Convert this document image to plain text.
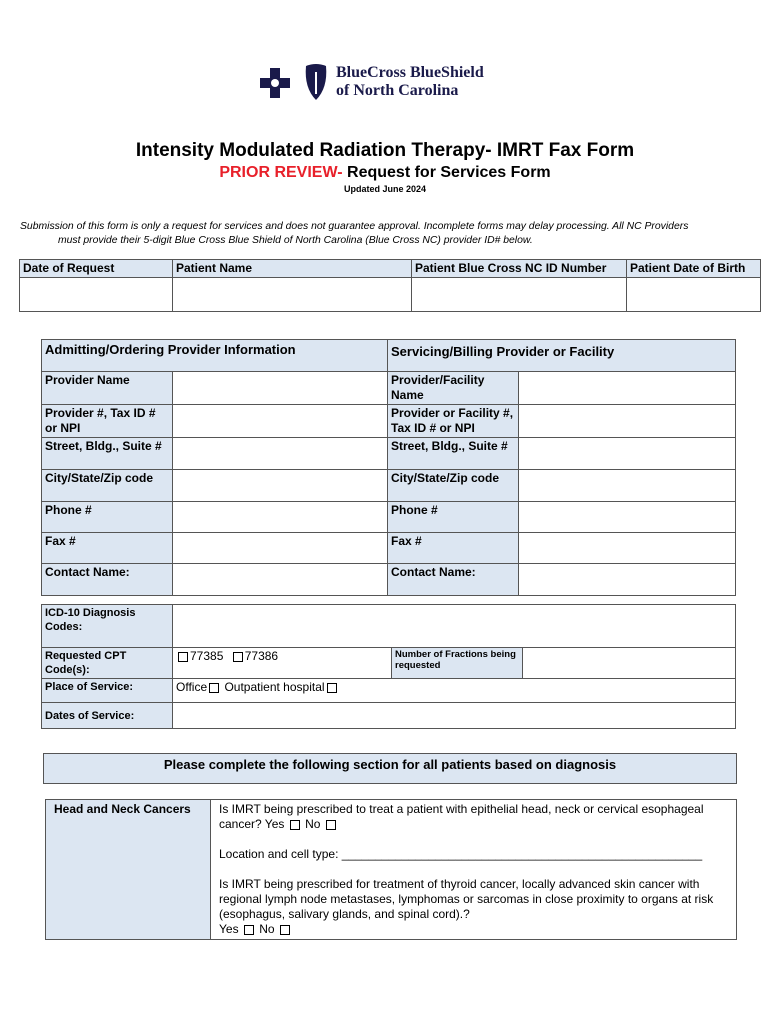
BlueCross BlueShield
of North Carolina
Intensity Modulated Radiation Therapy- IMRT Fax Form
PRIOR REVIEW- Request for Services Form
Updated June 2024
Submission of this form is only a request for services and does not guarantee approval. Incomplete forms may delay processing. All NC Providers
must provide their 5-digit Blue Cross Blue Shield of North Carolina (Blue Cross NC) provider ID# below.
Date of Request	Patient Name	Patient Blue Cross NC ID Number	Patient Date of Birth

Admitting/Ordering Provider Information		Servicing/Billing Provider or Facility	
Provider Name		Provider/Facility Name	
Provider #, Tax ID # or NPI		Provider or Facility #, Tax ID # or NPI	
Street, Bldg., Suite #		Street, Bldg., Suite #	
City/State/Zip code		City/State/Zip code	
Phone #		Phone #	
Fax #		Fax #	
Contact Name:		Contact Name:	
ICD-10 Diagnosis Codes:			
Requested CPT Code(s):	77385 77386	Number of Fractions being requested	
Place of Service:	Office Outpatient hospital		
Dates of Service:			
Please complete the following section for all patients based on diagnosis
Head and Neck Cancers	Is IMRT being prescribed to treat a patient with epithelial head, neck or cervical esophageal cancer? Yes No
Location and cell type: ______________________________________________________
Is IMRT being prescribed for treatment of thyroid cancer, locally advanced skin cancer with regional lymph node metastases, lymphomas or sarcomas in close proximity to organs at risk (esophagus, salivary glands, and spinal cord).?
Yes No
